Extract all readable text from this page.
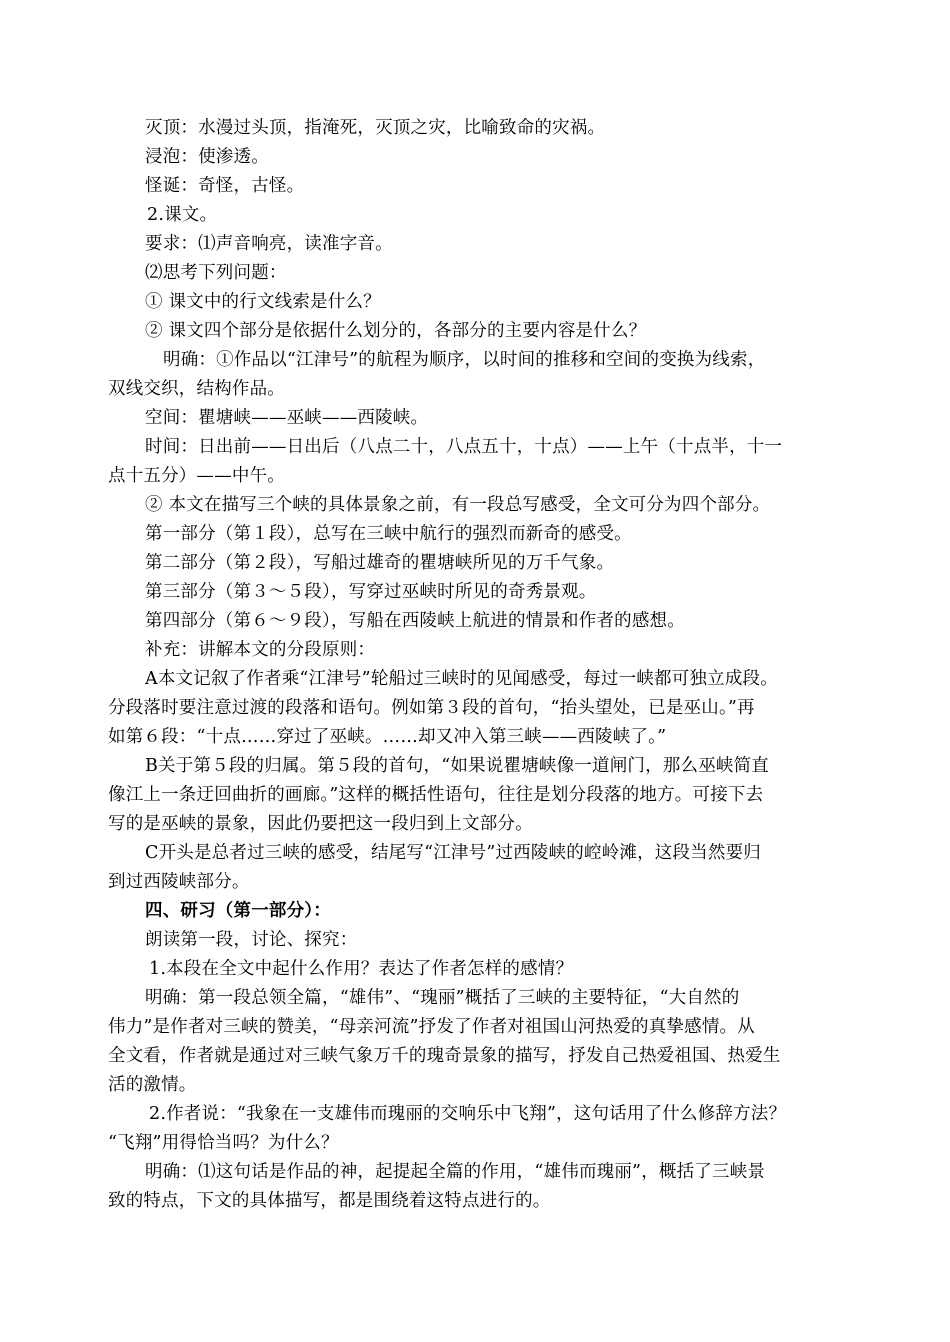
灭顶：水漫过头顶，指淹死，灭顶之灾，比喻致命的灾祸。
浸泡：使渗透。
怪诞：奇怪，古怪。
2.课文。
要求：⑴声音响亮，读准字音。
⑵思考下列问题：
① 课文中的行文线索是什么？
② 课文四个部分是依据什么划分的，各部分的主要内容是什么？
明确：①作品以“江津号”的航程为顺序，以时间的推移和空间的变换为线索，
双线交织，结构作品。
空间：瞿塘峡——巫峡——西陵峡。
时间：日出前——日出后（八点二十，八点五十，十点）——上午（十点半，十一
点十五分）——中午。
② 本文在描写三个峡的具体景象之前，有一段总写感受，全文可分为四个部分。
第一部分（第１段），总写在三峡中航行的强烈而新奇的感受。
第二部分（第２段），写船过雄奇的瞿塘峡所见的万千气象。
第三部分（第３～５段），写穿过巫峡时所见的奇秀景观。
第四部分（第６～９段），写船在西陵峡上航进的情景和作者的感想。
补充：讲解本文的分段原则：
A本文记叙了作者乘“江津号”轮船过三峡时的见闻感受，每过一峡都可独立成段。
分段落时要注意过渡的段落和语句。例如第３段的首句，“抬头望处，已是巫山。”再
如第６段：“十点……穿过了巫峡。……却又冲入第三峡——西陵峡了。”
B关于第５段的归属。第５段的首句，“如果说瞿塘峡像一道闸门，那么巫峡简直
像江上一条迂回曲折的画廊。”这样的概括性语句，往往是划分段落的地方。可接下去
写的是巫峡的景象，因此仍要把这一段归到上文部分。
C开头是总者过三峡的感受，结尾写“江津号”过西陵峡的崆岭滩，这段当然要归
到过西陵峡部分。
四、研习（第一部分）：
朗读第一段，讨论、探究：
1.本段在全文中起什么作用？表达了作者怎样的感情？
明确：第一段总领全篇，“雄伟”、“瑰丽”概括了三峡的主要特征，“大自然的
伟力”是作者对三峡的赞美，“母亲河流”抒发了作者对祖国山河热爱的真挚感情。从
全文看，作者就是通过对三峡气象万千的瑰奇景象的描写，抒发自己热爱祖国、热爱生
活的激情。
2.作者说：“我象在一支雄伟而瑰丽的交响乐中飞翔”，这句话用了什么修辞方法？
“飞翔”用得恰当吗？为什么？
明确：⑴这句话是作品的神，起提起全篇的作用，“雄伟而瑰丽”，概括了三峡景
致的特点，下文的具体描写，都是围绕着这特点进行的。
